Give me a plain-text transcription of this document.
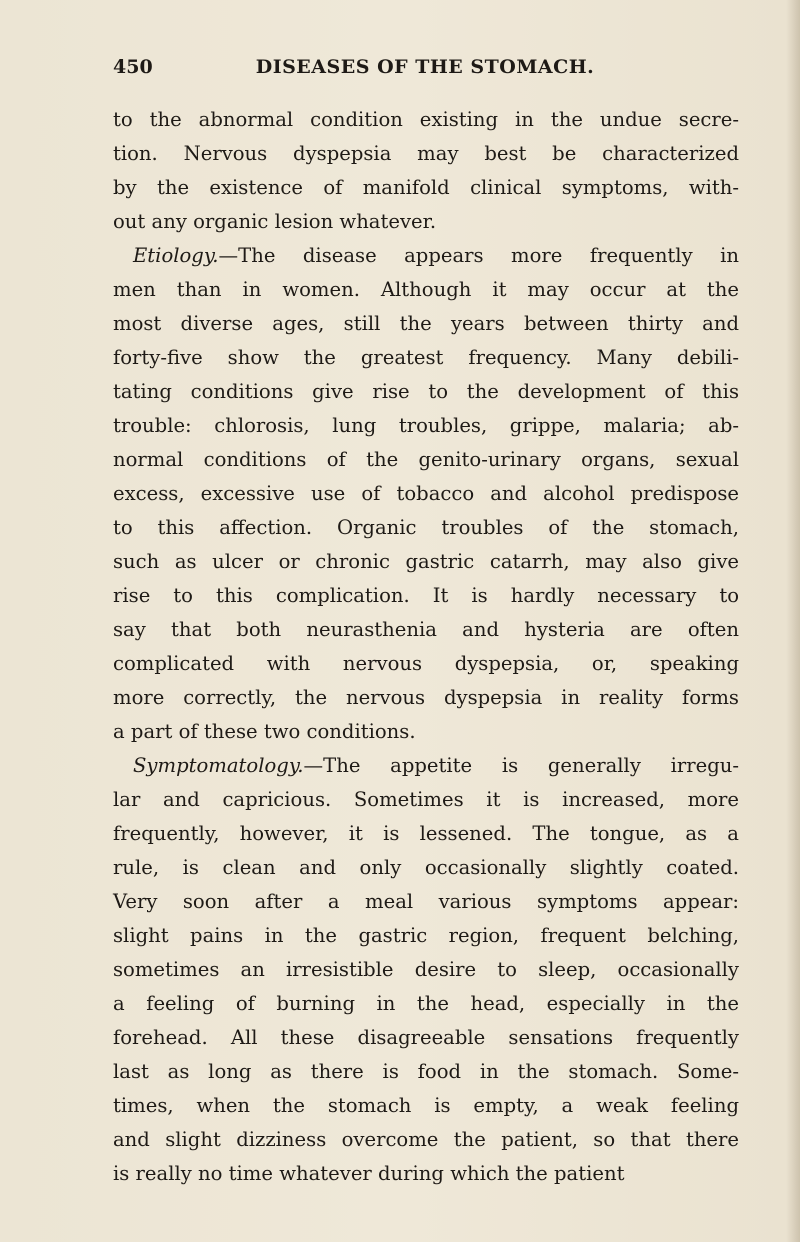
450	DISEASES OF THE STOMACH.

to the abnormal condition existing in the undue secre-
tion. Nervous dyspepsia may best be characterized
by the existence of manifold clinical symptoms, with-
out any organic lesion whatever.

Etiology.—The disease appears more frequently in
men than in women. Although it may occur at the
most diverse ages, still the years between thirty and
forty-five show the greatest frequency. Many debili-
tating conditions give rise to the development of this
trouble: chlorosis, lung troubles, grippe, malaria; ab-
normal conditions of the genito-urinary organs, sexual
excess, excessive use of tobacco and alcohol predispose
to this affection. Organic troubles of the stomach,
such as ulcer or chronic gastric catarrh, may also give
rise to this complication. It is hardly necessary to
say that both neurasthenia and hysteria are often
complicated with nervous dyspepsia, or, speaking
more correctly, the nervous dyspepsia in reality forms
a part of these two conditions.

Symptomatology.—The appetite is generally irregu-
lar and capricious. Sometimes it is increased, more
frequently, however, it is lessened. The tongue, as a
rule, is clean and only occasionally slightly coated.
Very soon after a meal various symptoms appear:
slight pains in the gastric region, frequent belching,
sometimes an irresistible desire to sleep, occasionally
a feeling of burning in the head, especially in the
forehead. All these disagreeable sensations frequently
last as long as there is food in the stomach. Some-
times, when the stomach is empty, a weak feeling
and slight dizziness overcome the patient, so that there
is really no time whatever during which the patient
